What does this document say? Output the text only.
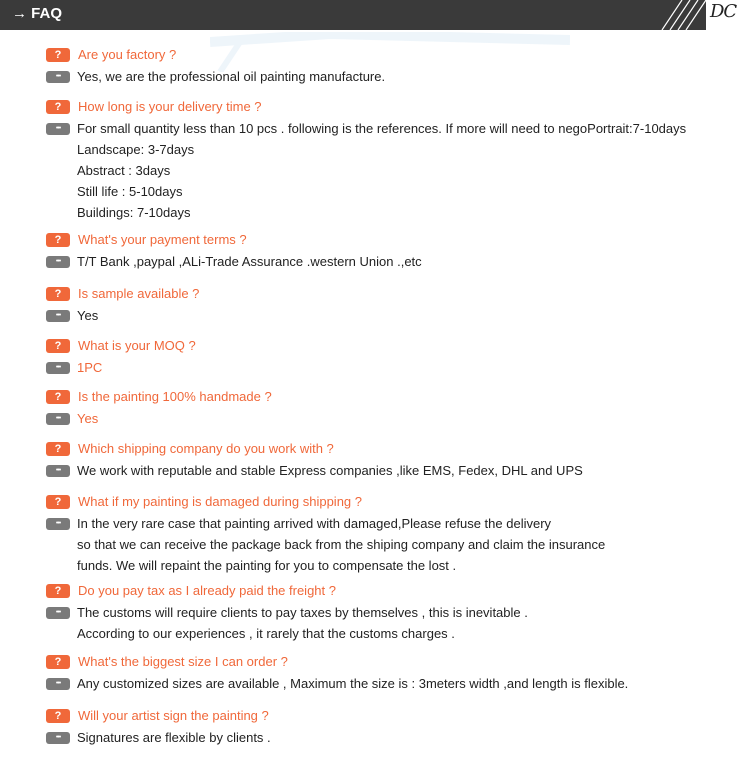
→ FAQ	DC
?
Are you factory ?
•••
Yes, we are the professional oil painting manufacture.
?
How long is your delivery time ?
•••
For small quantity less than 10 pcs . following is the references. If more will need to negoPortrait:7-10days
Landscape: 3-7days
Abstract : 3days
Still life : 5-10days
Buildings: 7-10days
?
What's your payment terms ?
•••
T/T Bank ,paypal ,ALi-Trade Assurance .western Union .,etc
?
Is sample available ?
•••
Yes
?
What is your MOQ ?
•••
1PC
?
Is the painting 100% handmade ?
•••
Yes
?
Which shipping company do you work with ?
•••
We work with reputable and stable Express companies ,like EMS, Fedex, DHL and UPS
?
What if my painting is damaged during shipping ?
•••
In the very rare case that painting arrived with damaged,Please refuse the delivery
so that we can receive the package back from the shiping company and claim the insurance
funds. We will repaint the painting for you to compensate the lost .
?
Do you pay tax as I already paid the freight ?
•••
The customs will require clients to pay taxes by themselves , this is inevitable .
According to our experiences , it rarely that the customs charges .
?
What's the biggest size I can order ?
•••
Any customized sizes are available , Maximum the size is : 3meters width ,and length is flexible.
?
Will your artist sign the painting ?
•••
Signatures are flexible by clients .
